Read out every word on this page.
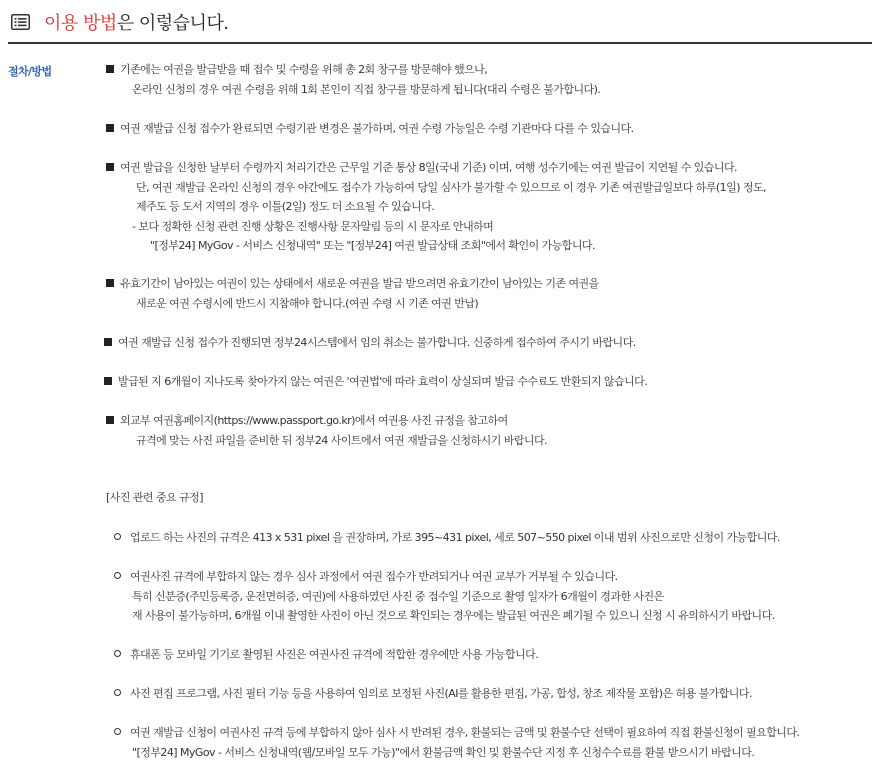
이용 방법은 이렇습니다.
절차/방법	기존에는 여권을 발급받을 때 접수 및 수령을 위해 총 2회 창구를 방문해야 했으나,
온라인 신청의 경우 여권 수령을 위해 1회 본인이 직접 창구를 방문하게 됩니다(대리 수령은 불가합니다).
여권 재발급 신청 접수가 완료되면 수령기관 변경은 불가하며, 여권 수령 가능일은 수령 기관마다 다를 수 있습니다.
여권 발급을 신청한 날부터 수령까지 처리기간은 근무일 기준 통상 8일(국내 기준) 이며, 여행 성수기에는 여권 발급이 지연될 수 있습니다.
단, 여권 재발급 온라인 신청의 경우 야간에도 접수가 가능하여 당일 심사가 불가할 수 있으므로 이 경우 기존 여권발급일보다 하루(1일) 정도,
제주도 등 도서 지역의 경우 이틀(2일) 정도 더 소요될 수 있습니다.
- 보다 정확한 신청 관련 진행 상황은 진행사항 문자알림 등의 시 문자로 안내하며
"[정부24] MyGov - 서비스 신청내역" 또는 "[정부24] 여권 발급상태 조회"에서 확인이 가능합니다.
유효기간이 남아있는 여권이 있는 상태에서 새로운 여권을 발급 받으려면 유효기간이 남아있는 기존 여권을
새로운 여권 수령시에 반드시 지참해야 합니다.(여권 수령 시 기존 여권 반납)
여권 재발급 신청 접수가 진행되면 정부24시스템에서 임의 취소는 불가합니다. 신중하게 접수하여 주시기 바랍니다.
발급된 지 6개월이 지나도록 찾아가지 않는 여권은 '여권법'에 따라 효력이 상실되며 발급 수수료도 반환되지 않습니다.
외교부 여권홈페이지(https://www.passport.go.kr)에서 여권용 사진 규정을 참고하여
규격에 맞는 사진 파일을 준비한 뒤 정부24 사이트에서 여권 재발급을 신청하시기 바랍니다.
[사진 관련 중요 규정]
업로드 하는 사진의 규격은 413 x 531 pixel 을 권장하며, 가로 395~431 pixel, 세로 507~550 pixel 이내 범위 사진으로만 신청이 가능합니다.
여권사진 규격에 부합하지 않는 경우 심사 과정에서 여권 접수가 반려되거나 여권 교부가 거부될 수 있습니다.
특히 신분증(주민등록증, 운전면허증, 여권)에 사용하였던 사진 중 접수일 기준으로 촬영 일자가 6개월이 경과한 사진은
재 사용이 불가능하며, 6개월 이내 촬영한 사진이 아닌 것으로 확인되는 경우에는 발급된 여권은 폐기될 수 있으니 신청 시 유의하시기 바랍니다.
휴대폰 등 모바일 기기로 촬영된 사진은 여권사진 규격에 적합한 경우에만 사용 가능합니다.
사진 편집 프로그램, 사진 필터 기능 등을 사용하여 임의로 보정된 사진(AI를 활용한 편집, 가공, 합성, 창조 제작물 포함)은 허용 불가합니다.
여권 재발급 신청이 여권사진 규격 등에 부합하지 않아 심사 시 반려된 경우, 환불되는 금액 및 환불수단 선택이 필요하여 직접 환불신청이 필요합니다.
"[정부24] MyGov - 서비스 신청내역(웹/모바일 모두 가능)"에서 환불금액 확인 및 환불수단 지정 후 신청수수료를 환불 받으시기 바랍니다.
